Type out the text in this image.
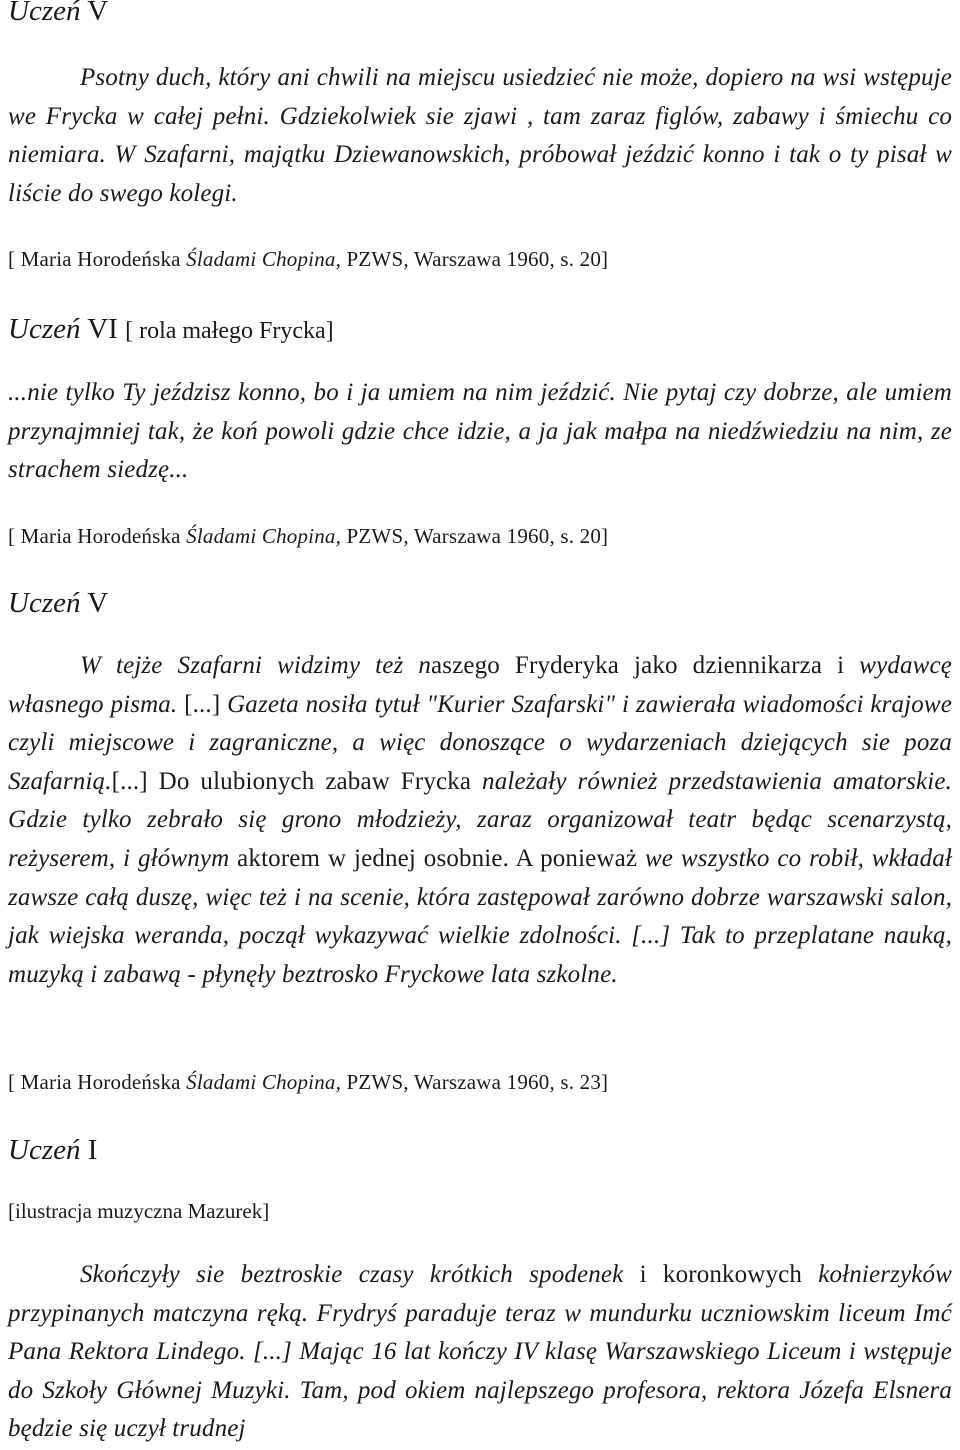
Uczeń V

Psotny duch, który ani chwili na miejscu usiedzieć nie może, dopiero na wsi wstępuje we Frycka w całej pełni. Gdziekolwiek sie zjawi , tam zaraz figlów, zabawy i śmiechu co niemiara. W Szafarni, majątku Dziewanowskich, próbował jeździć konno i tak o ty pisał w liście do swego kolegi.

[ Maria Horodeńska Śladami Chopina, PZWS, Warszawa 1960, s. 20]
Uczeń VI [ rola małego Frycka]

...nie tylko Ty jeździsz konno, bo i ja umiem na nim jeździć. Nie pytaj czy dobrze, ale umiem przynajmniej tak, że koń powoli gdzie chce idzie, a ja jak małpa na niedźwiedziu na nim, ze strachem siedzę...

[ Maria Horodeńska Śladami Chopina, PZWS, Warszawa 1960, s. 20]
Uczeń V

W tejże Szafarni widzimy też naszego Fryderyka jako dziennikarza i wydawcę własnego pisma. [...] Gazeta nosiła tytuł "Kurier Szafarski" i zawierała wiadomości krajowe czyli miejscowe i zagraniczne, a więc donoszące o wydarzeniach dziejących sie poza Szafarnią.[...] Do ulubionych zabaw Frycka należały również przedstawienia amatorskie. Gdzie tylko zebrało się grono młodzieży, zaraz organizował teatr będąc scenarzystą, reżyserem, i głównym aktorem w jednej osobnie. A ponieważ we wszystko co robił, wkładał zawsze całą duszę, więc też i na scenie, która zastępował zarówno dobrze warszawski salon, jak wiejska weranda, począł wykazywać wielkie zdolności. [...] Tak to przeplatane nauką, muzyką i zabawą - płynęły beztrosko Fryckowe lata szkolne.

[ Maria Horodeńska Śladami Chopina, PZWS, Warszawa 1960, s. 23]
Uczeń I
[ilustracja muzyczna Mazurek]

Skończyły sie beztroskie czasy krótkich spodenek i koronkowych kołnierzyków przypinanych matczyna ręką. Frydryś paraduje teraz w mundurku uczniowskim liceum Imć Pana Rektora Lindego. [...] Mając 16 lat kończy IV klasę Warszawskiego Liceum i wstępuje do Szkoły Głównej Muzyki. Tam, pod okiem najlepszego profesora, rektora Józefa Elsnera będzie się uczył trudnej
